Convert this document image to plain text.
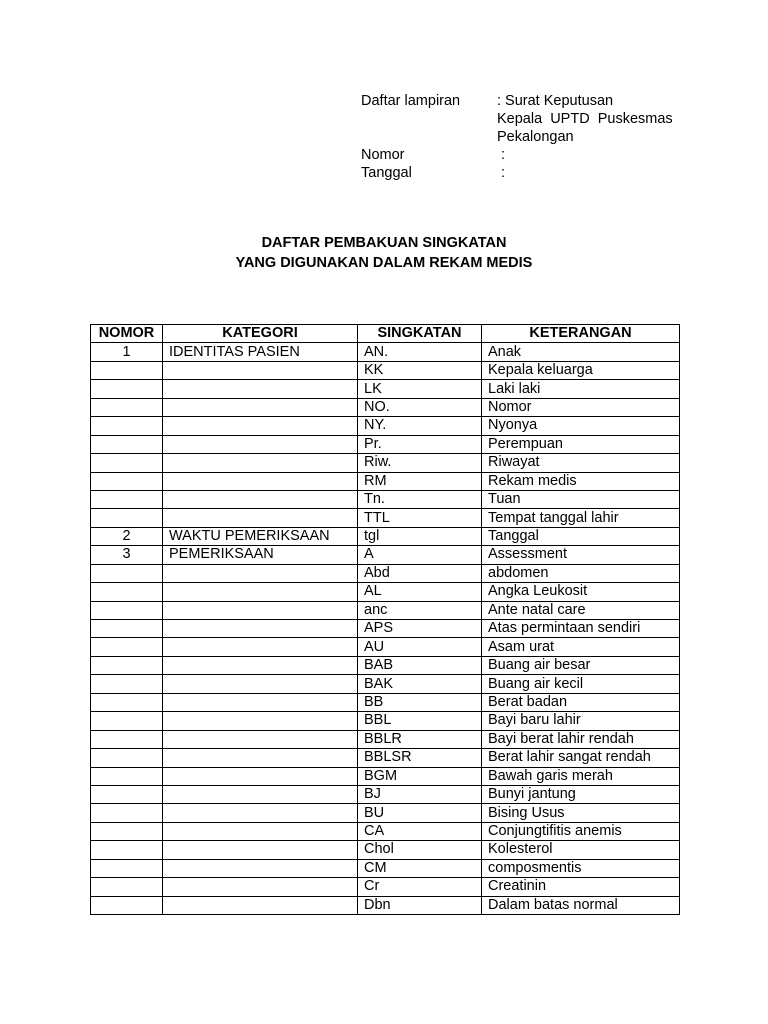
Daftar lampiran	: Surat Keputusan
Kepala  UPTD  Puskesmas
Pekalongan
Nomor	:
Tanggal	:
DAFTAR PEMBAKUAN SINGKATAN
YANG DIGUNAKAN DALAM REKAM MEDIS
NOMOR	KATEGORI	SINGKATAN	KETERANGAN
1	IDENTITAS PASIEN	AN.	Anak
		KK	Kepala keluarga
		LK	Laki laki
		NO.	Nomor
		NY.	Nyonya
		Pr.	Perempuan
		Riw.	Riwayat
		RM	Rekam medis
		Tn.	Tuan
		TTL	Tempat tanggal lahir
2	WAKTU PEMERIKSAAN	tgl	Tanggal
3	PEMERIKSAAN	A	Assessment
		Abd	abdomen
		AL	Angka Leukosit
		anc	Ante natal care
		APS	Atas permintaan sendiri
		AU	Asam urat
		BAB	Buang air besar
		BAK	Buang air kecil
		BB	Berat badan
		BBL	Bayi baru lahir
		BBLR	Bayi berat lahir rendah
		BBLSR	Berat lahir sangat rendah
		BGM	Bawah garis merah
		BJ	Bunyi jantung
		BU	Bising Usus
		CA	Conjungtifitis anemis
		Chol	Kolesterol
		CM	composmentis
		Cr	Creatinin
		Dbn	Dalam batas normal
